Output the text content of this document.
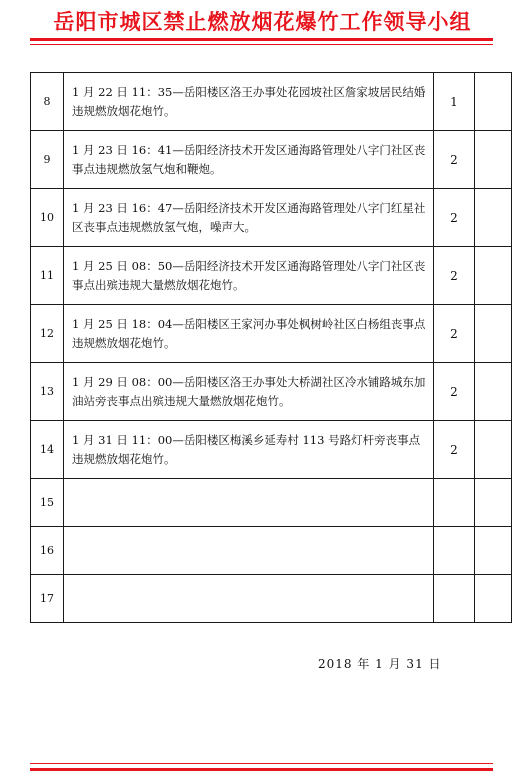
岳阳市城区禁止燃放烟花爆竹工作领导小组
8	1 月 22 日 11：35—岳阳楼区洛王办事处花园坡社区詹家坡居民结婚违规燃放烟花炮竹。	1	
9	1 月 23 日 16：41—岳阳经济技术开发区通海路管理处八字门社区丧事点违规燃放氢气炮和鞭炮。	2	
10	1 月 23 日 16：47—岳阳经济技术开发区通海路管理处八字门红星社区丧事点违规燃放氢气炮，噪声大。	2	
11	1 月 25 日 08：50—岳阳经济技术开发区通海路管理处八字门社区丧事点出殡违规大量燃放烟花炮竹。	2	
12	1 月 25 日 18：04—岳阳楼区王家河办事处枫树岭社区白杨组丧事点违规燃放烟花炮竹。	2	
13	1 月 29 日 08：00—岳阳楼区洛王办事处大桥湖社区冷水铺路城东加油站旁丧事点出殡违规大量燃放烟花炮竹。	2	
14	1 月 31 日 11：00—岳阳楼区梅溪乡延寿村 113 号路灯杆旁丧事点违规燃放烟花炮竹。	2	
15			
16			
17			
2018 年 1 月 31 日
